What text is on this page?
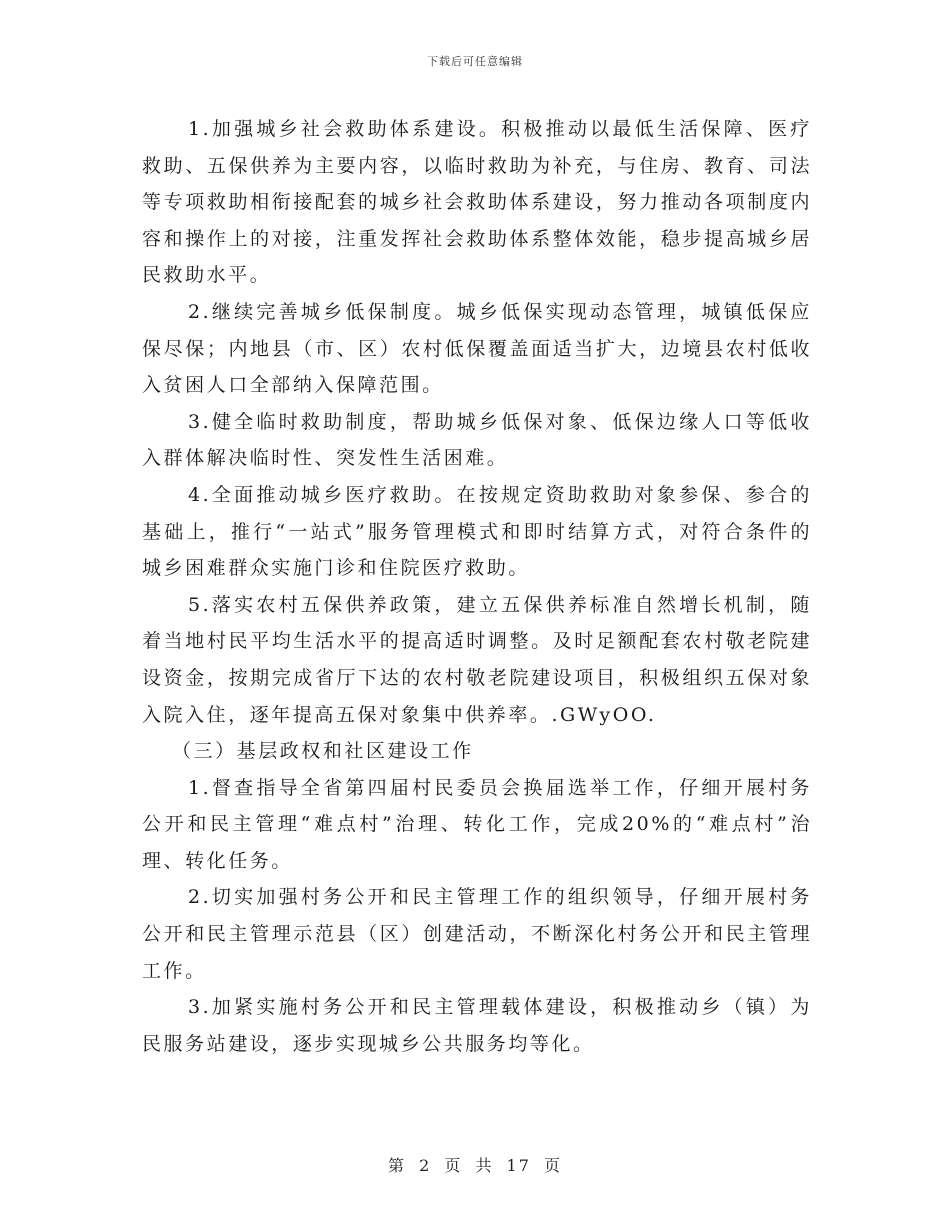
下载后可任意编辑

1.加强城乡社会救助体系建设。积极推动以最低生活保障、医疗救助、五保供养为主要内容，以临时救助为补充，与住房、教育、司法等专项救助相衔接配套的城乡社会救助体系建设，努力推动各项制度内容和操作上的对接，注重发挥社会救助体系整体效能，稳步提高城乡居民救助水平。

2.继续完善城乡低保制度。城乡低保实现动态管理，城镇低保应保尽保；内地县（市、区）农村低保覆盖面适当扩大，边境县农村低收入贫困人口全部纳入保障范围。

3.健全临时救助制度，帮助城乡低保对象、低保边缘人口等低收入群体解决临时性、突发性生活困难。

4.全面推动城乡医疗救助。在按规定资助救助对象参保、参合的基础上，推行“一站式”服务管理模式和即时结算方式，对符合条件的城乡困难群众实施门诊和住院医疗救助。

5.落实农村五保供养政策，建立五保供养标准自然增长机制，随着当地村民平均生活水平的提高适时调整。及时足额配套农村敬老院建设资金，按期完成省厅下达的农村敬老院建设项目，积极组织五保对象入院入住，逐年提高五保对象集中供养率。.GWyOO.

（三）基层政权和社区建设工作

1.督查指导全省第四届村民委员会换届选举工作，仔细开展村务公开和民主管理“难点村”治理、转化工作，完成20%的“难点村”治理、转化任务。

2.切实加强村务公开和民主管理工作的组织领导，仔细开展村务公开和民主管理示范县（区）创建活动，不断深化村务公开和民主管理工作。

3.加紧实施村务公开和民主管理载体建设，积极推动乡（镇）为民服务站建设，逐步实现城乡公共服务均等化。

第 2 页 共 17 页
